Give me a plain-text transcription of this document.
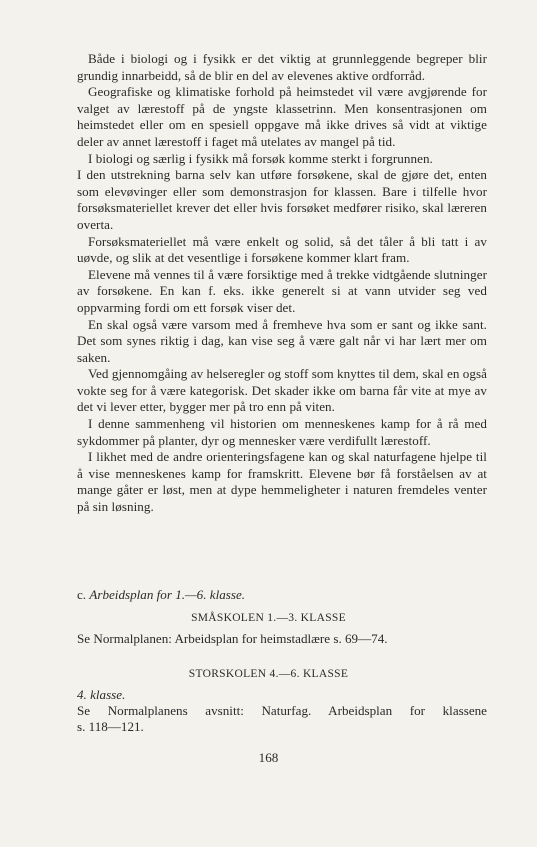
Både i biologi og i fysikk er det viktig at grunnleggende begreper blir grundig innarbeidd, så de blir en del av elevenes aktive ordforråd.

Geografiske og klimatiske forhold på heimstedet vil være avgjørende for valget av lærestoff på de yngste klassetrinn. Men konsentrasjonen om heimstedet eller om en spesiell oppgave må ikke drives så vidt at viktige deler av annet lærestoff i faget må utelates av mangel på tid.

I biologi og særlig i fysikk må forsøk komme sterkt i forgrunnen.

I den utstrekning barna selv kan utføre forsøkene, skal de gjøre det, enten som elevøvinger eller som demonstrasjon for klassen. Bare i tilfelle hvor forsøksmateriellet krever det eller hvis forsøket medfører risiko, skal læreren overta.

Forsøksmateriellet må være enkelt og solid, så det tåler å bli tatt i av uøvde, og slik at det vesentlige i forsøkene kommer klart fram.

Elevene må vennes til å være forsiktige med å trekke vidtgående slutninger av forsøkene. En kan f. eks. ikke generelt si at vann utvider seg ved oppvarming fordi om ett forsøk viser det.

En skal også være varsom med å fremheve hva som er sant og ikke sant. Det som synes riktig i dag, kan vise seg å være galt når vi har lært mer om saken.

Ved gjennomgåing av helseregler og stoff som knyttes til dem, skal en også vokte seg for å være kategorisk. Det skader ikke om barna får vite at mye av det vi lever etter, bygger mer på tro enn på viten.

I denne sammenheng vil historien om menneskenes kamp for å rå med sykdommer på planter, dyr og mennesker være verdifullt lærestoff.

I likhet med de andre orienteringsfagene kan og skal naturfagene hjelpe til å vise menneskenes kamp for framskritt. Elevene bør få forståelsen av at mange gåter er løst, men at dype hemmeligheter i naturen fremdeles venter på sin løsning.

c. Arbeidsplan for 1.—6. klasse.
SMÅSKOLEN 1.—3. KLASSE
Se Normalplanen: Arbeidsplan for heimstadlære s. 69—74.
STORSKOLEN 4.—6. KLASSE
4. klasse.
Se Normalplanens avsnitt: Naturfag. Arbeidsplan for klassene
s. 118—121.
168
